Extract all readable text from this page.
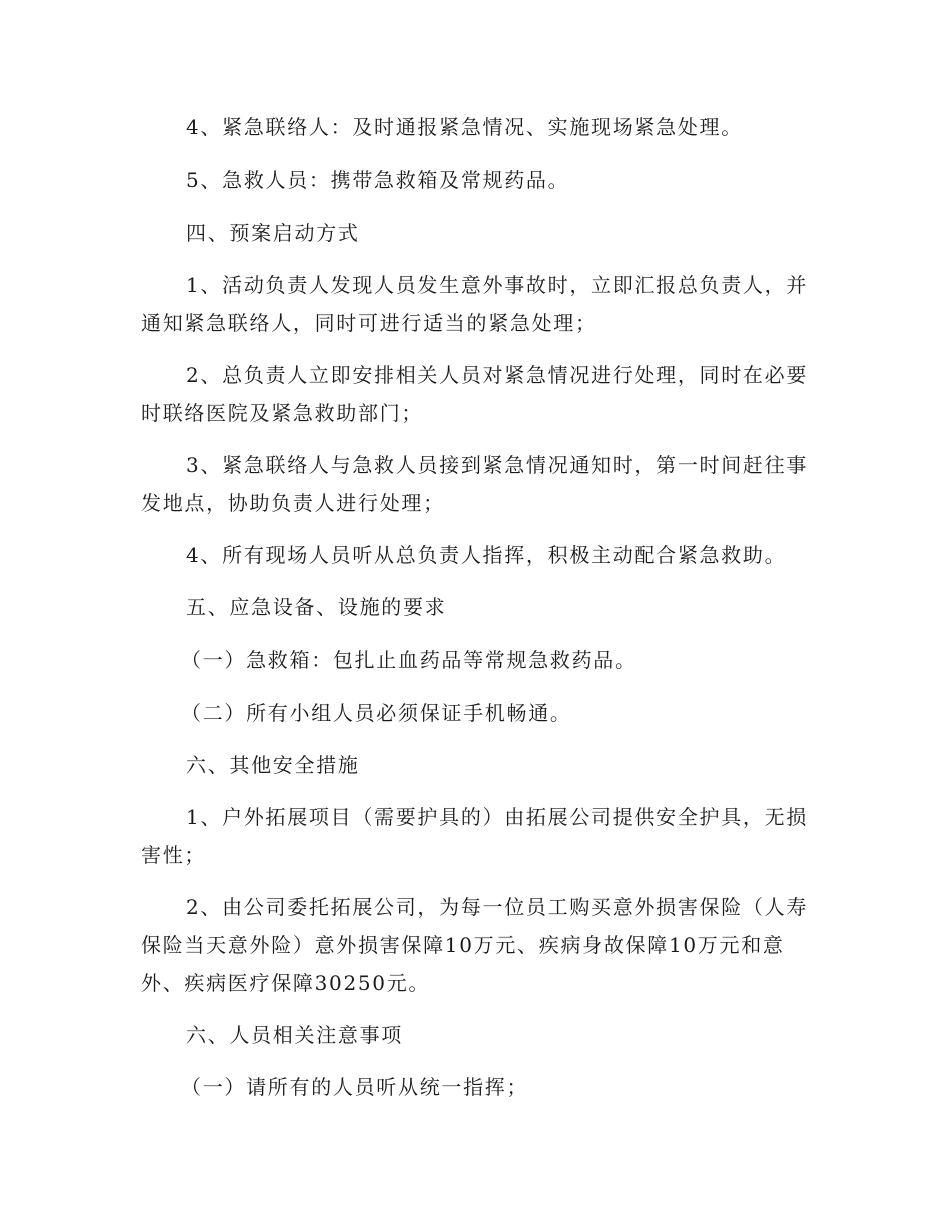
4、紧急联络人：及时通报紧急情况、实施现场紧急处理。

5、急救人员：携带急救箱及常规药品。

四、预案启动方式

1、活动负责人发现人员发生意外事故时，立即汇报总负责人，并通知紧急联络人，同时可进行适当的紧急处理；

2、总负责人立即安排相关人员对紧急情况进行处理，同时在必要时联络医院及紧急救助部门；

3、紧急联络人与急救人员接到紧急情况通知时，第一时间赶往事发地点，协助负责人进行处理；

4、所有现场人员听从总负责人指挥，积极主动配合紧急救助。

五、应急设备、设施的要求

（一）急救箱：包扎止血药品等常规急救药品。

（二）所有小组人员必须保证手机畅通。

六、其他安全措施

1、户外拓展项目（需要护具的）由拓展公司提供安全护具，无损害性；

2、由公司委托拓展公司，为每一位员工购买意外损害保险（人寿保险当天意外险）意外损害保障10万元、疾病身故保障10万元和意外、疾病医疗保障30250元。

六、人员相关注意事项

（一）请所有的人员听从统一指挥；
